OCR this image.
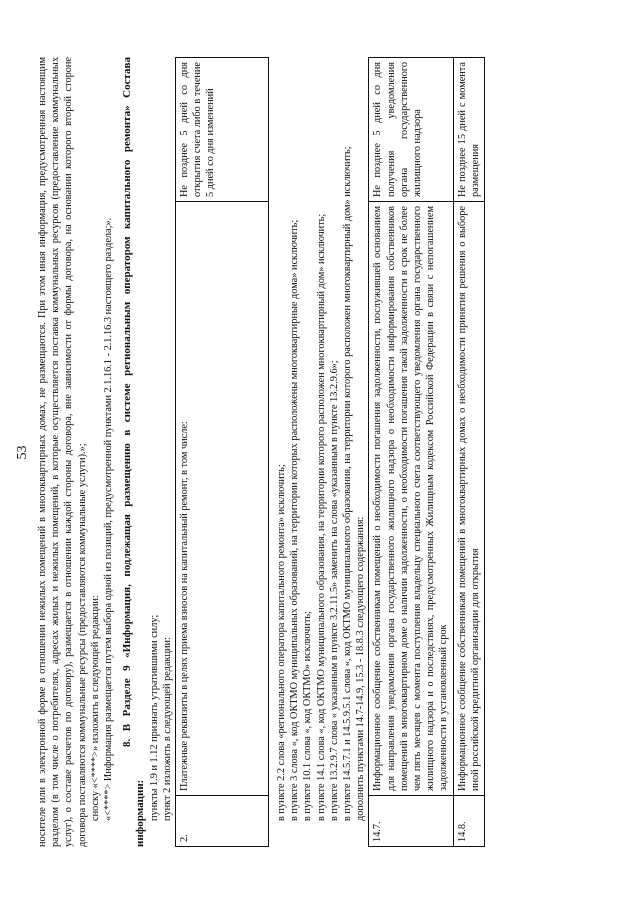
53 носителе или в электронной форме в отношении нежилых помещений в многоквартирных домах, не размещаются. При этом иная информация, предусмотренная настоящим разделом (в том числе о потребителях, адресах жилых и нежилых помещений, в которые осуществляется поставка коммунальных ресурсов (предоставление коммунальных услуг), о составе расчетов по договору), размещается в отношении каждой стороны договора, вне зависимости от формы договора, на основании которого второй стороне договора поставляются коммунальные ресурсы (предоставляются коммунальные услуги).»; сноску «<****>» изложить в следующей редакции: «<****> Информация размещается путем выбора одной из позиций, предусмотренной пунктами 2.1.16.1 - 2.1.16.3 настоящего раздела;». 8. В Разделе 9 «Информация, подлежащая размещению в системе региональным оператором капитального ремонта» Состава информации: пункты 1.9 и 1.12 признать утратившими силу; пункт 2 изложить в следующей редакции:

2.	Платежные реквизиты в целях приема взносов на капитальный ремонт, в том числе:	Не позднее 5 дней со дня открытия счета либо в течение 5 дней со дня изменений

в пункте 2.2 слова «регионального оператора капитального ремонта» исключить; в пункте 3 слова «, код ОКТМО муниципальных образований, на территории которых расположены многоквартирные дома» исключить; в пункте 10.1 слова «, код ОКТМО» исключить; в пункте 14.1 слова «, код ОКТМО муниципального образования, на территории которого расположен многоквартирный дом» исключить; в пункте 13.2.9.7 слова « указанным в пункте 3.2.11.5» заменить на слова «указанным в пункте 13.2.9.6»; в пункте 14.5.7.1 и 14.5.9.5.1 слова «, код ОКТМО муниципального образования, на территории которого расположен многоквартирный дом» исключить; дополнить пунктами 14.7-14.9, 15.3 - 18.8.3 следующего содержания:

14.7.	Информационное сообщение собственникам помещений о необходимости погашения задолженности, послужившей основанием для направления уведомления органа государственного жилищного надзора о необходимости информирования собственников помещений в многоквартирном доме о наличии задолженности, о необходимости погашения такой задолженности в срок не более чем пять месяцев с момента поступления владельцу специального счета соответствующего уведомления органа государственного жилищного надзора и о последствиях, предусмотренных Жилищным кодексом Российской Федерации в связи с непогашением задолженности в установленный срок	Не позднее 5 дней со дня получения уведомления органа государственного жилищного надзора
14.8.	Информационное сообщение собственникам помещений в многоквартирных домах о необходимости принятия решения о выборе иной российской кредитной организации для открытия	Не позднее 15 дней с момента размещения
